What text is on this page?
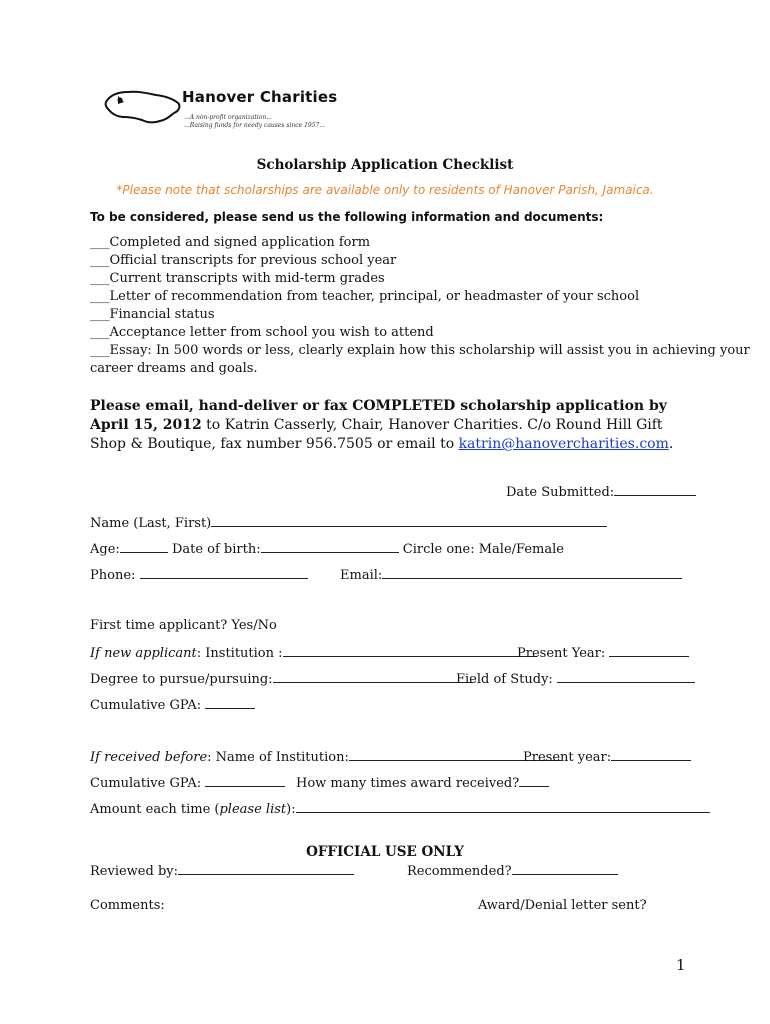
Hanover Charities
...A non-profit organization...
...Raising funds for needy causes since 1957...
Scholarship Application Checklist
*Please note that scholarships are available only to residents of Hanover Parish, Jamaica.
To be considered, please send us the following information and documents:
___Completed and signed application form
___Official transcripts for previous school year
___Current transcripts with mid-term grades
___Letter of recommendation from teacher, principal, or headmaster of your school
___Financial status
___Acceptance letter from school you wish to attend
___Essay: In 500 words or less, clearly explain how this scholarship will assist you in achieving your
career dreams and goals.
Please email, hand-deliver or fax COMPLETED scholarship application by April 15, 2012 to Katrin Casserly, Chair, Hanover Charities. C/o Round Hill Gift Shop & Boutique, fax number 956.7505 or email to katrin@hanovercharities.com.
Date Submitted:
Name (Last, First)
Age:	Date of birth:	Circle one: Male/Female
Phone:	Email:
First time applicant? Yes/No
If new applicant: Institution :	Present Year:
Degree to pursue/pursuing:	Field of Study:
Cumulative GPA:
If received before: Name of Institution:	Present year:
Cumulative GPA:	How many times award received?
Amount each time (please list):
OFFICIAL USE ONLY
Reviewed by:	Recommended?
Comments:	Award/Denial letter sent?
1
